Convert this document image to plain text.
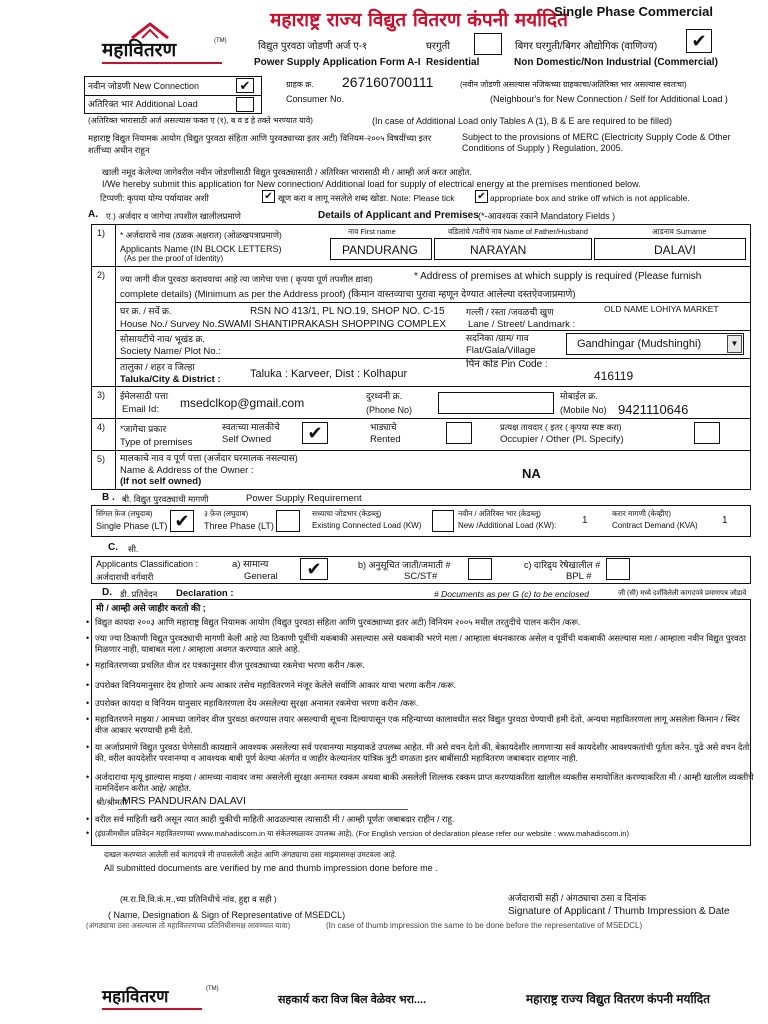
महाराष्ट्र राज्य विद्युत वितरण कंपनी मर्यादित
Single Phase Commercial
महावितरण	(TM)	विद्युत पुरवठा जोडणी अर्ज ए-१
Power Supply Application Form A-I
घरगुती
Residential
बिगर घरगुती/बिगर औद्योगिक (वाणिज्य)
Non Domestic/Non Industrial (Commercial)
✔
नवीन जोडणी New Connection	✔
अतिरिक्त भार Additional Load
ग्राहक क्र.
Consumer No.
267160700111	(नवीन जोडणी असल्यास नजिकच्या ग्राहकाचा/अतिरिक्त भार असल्यास स्वतःचा)
(Neighbour's for New Connection / Self for Additional Load )
(अतिरिक्त भारासाठी अर्ज असल्यास फक्त ए (१), ब व ड हे तक्ते भरण्यात यावे)	(In case of Additional Load only Tables A (1), B & E are required to be filled)
महाराष्ट्र विद्युत नियामक आयोग (विद्युत पुरवठा संहिता आणि पुरवठ्याच्या इतर अटी) विनियम-२००५ विषयींच्या इतर शर्तीच्या अधीन राहून
Subject to the provisions of MERC (Electricity Supply Code & Other Conditions of Supply ) Regulation, 2005.
खाली नमूद केलेल्या जागेवरील नवीन जोडणीसाठी विद्युत पुरवठ्यासाठी / अतिरिक्त भारासाठी मी / आम्ही अर्ज करत आहोत.
I/We hereby submit this application for New connection/ Additional load for supply of electrical energy at the premises mentioned below.
टिप्पणी: कृपया योग्य पर्यायावर अशी	✔ खूण करा व लागू नसलेले शब्द खोडा. Note: Please tick ✔ appropriate box and strike off which is not applicable.
A. ए.) अर्जदार व जागेचा तपशील खालीलप्रमाणे	Details of Applicant and Premises (*-आवश्यक रकाने Mandatory Fields )
1) * अर्जदाराचे नाव (ठळक अक्षरात) (ओळखपत्राप्रमाणे)
Applicants Name (IN BLOCK LETTERS)
(As per the proof of Identity)
नाव First name	वडिलांचे /पतीचे नाव Name of Father/Husband	आडनाव Surname
PANDURANG	NARAYAN	DALAVI
2) ज्या जागी वीज पुरवठा करावयाचा आहे त्या जागेचा पत्ता ( कृपया पूर्ण तपशील द्यावा)	* Address of premises at which supply is required (Please furnish
complete details) (Minimum as per the Address proof) (किमान वास्तव्याचा पुरावा म्हणून देण्यात आलेल्या दस्तऐवजाप्रमाणे)
घर क्र. / सर्वे क्र.
House No./ Survey No.:
RSN NO 413/1, PL NO.19, SHOP NO. C-15
SWAMI SHANTIPRAKASH SHOPPING COMPLEX
गल्ली / रस्ता /जवळची खुण
Lane / Street/ Landmark :
OLD NAME LOHIYA MARKET
सोसायटीचे नाव/ भूखंड क्र.
Society Name/ Plot No.:
सदनिका /ग्राम/ गाव
Flat/Gala/Village
Gandhingar (Mudshinghi)	▼
तालुका / शहर व जिल्हा
Taluka/City & District :	Taluka : Karveer, Dist : Kolhapur
पिन कोड Pin Code :
416119
3) ईमेलसाठी पत्ता
Email Id: msedclkop@gmail.com	दुरध्वनी क्र.
(Phone No)
मोबाईल क्र.
(Mobile No) 9421110646
4) *जागेचा प्रकार
Type of premises
स्वतःच्या मालकीचे
Self Owned	✔	भाड्याचे
Rented
प्रत्यक्ष तावदार ( इतर ( कृपया स्पष्ट करा)
Occupier / Other (Pl. Specify)
5) मालकाचे नाव व पूर्ण पत्ता (अर्जदार घरमालक नसल्यास)
Name & Address of the Owner :
(If not self owned)
NA
B . बी. विद्युत पुरवठ्याची मागणी	Power Supply Requirement
सिंगल फ़ेज (लघुदाब)
Single Phase (LT) ✔	३ फ़ेज (लघुदाब)
Three Phase (LT)
सध्याचा जोडभार (केडब्लू)
Existing Connected Load (KW)
नवीन / अतिरिक्त भार (केडब्लू)
New /Additional Load (KW):	1
करार मागणी (केव्हीए)
Contract Demand (KVA) 1
C. सी.
Applicants Classification :
अर्जदाराची वर्गवारी
a) सामान्य
General	✔	b) अनुसूचित जाती/जमाती #
SC/ST#
c) दारिद्र्य रेषेखालील #
BPL #
D. डी. प्रतिवेदन Declaration :	# Documents as per G (c) to be enclosed	जी (सी) मध्ये दर्शविलेली कागदपत्रे प्रमाणपत्र जोडावे
मी / आम्ही असे जाहीर करतो की ;
• विद्युत कायदा २००३ आणि महाराष्ट्र विद्युत नियामक आयोग (विद्युत पुरवठा संहिता आणि पुरवठ्याच्या इतर अटी) विनियम २००५ मधील तरतुदीचे पालन करीन /करू.
• ज्या ज्या ठिकाणी विद्युत पुरवठ्याची मागणी केली आहे त्या ठिकाणी पूर्वीची थकबाकी असल्यास असे थकबाकी भरणे मला / आम्हाला बंधनकारक असेल व पूर्वीची थकबाकी असल्यास मला / आम्हाला नवीन विद्युत पुरवठा मिळणार नाही, याबाबत मला / आम्हाला अवगत करण्यात आले आहे.
• महावितरणच्या प्रचलित वीज दर पत्रकानुसार वीज पुरवठ्याच्या रकमेचा भरणा करीन /करू.
• उपरोक्त विनियमानुसार देय होणारे अन्य आकार तसेच महावितरणने मंजूर केलेले सर्वाणि आकार याचा भरणा करीन /करू.
• उपरोक्त कायदा व विनियम यानुसार महावितरणला देय असलेल्या सुरक्षा अनामत रकमेचा भरणा करीन /करू.
• महावितरणने माझ्या / आमच्या जागेवर वीज पुरवठा करण्यास तयार असल्याची सूचना दिल्यापासून एक महिन्याच्या कालावधीत सदर विद्युत पुरवठा घेण्याची हमी देतो, अन्यथा महावितरणला लागू असलेला किमान / स्थिर वीज आकार भरण्याची हमी देतो.
• या अर्जाप्रमाणे विद्युत पुरवठा घेणेसाठी कायद्याने आवश्यक असलेल्या सर्व परवानग्या माझ्याकडे उपलब्ध आहेत. मी असे वचन देतो की, बेकायदेशीर लागणाऱ्या सर्व कायदेशीर आवश्यकतांची पूर्तता करेन. पुढे असे वचन देतो की, वरील कायदेशीर परवानग्या व आवश्यक बाबी पूर्ण केल्या अंतर्गत व जाहीर केल्यानंतर यांत्रिक त्रुटी वगळता इतर बाबींसाठी महावितरण जबाबदार राहणार नाही.
• अर्जदाराचा मृत्यू झाल्यास माझ्या / आमच्या नावावर जमा असलेली सुरक्षा अनामत रक्कम अथवा बाकी असलेली शिल्लक रक्कम प्राप्त करण्याकरिता खालील व्यक्तीस समायोजित करण्याकरिता मी / आम्ही खालील व्यक्तीचे नामनिर्देशन करीत आहे/ आहोत.
श्री/श्रीमती
MRS PANDURAN DALAVI
• वरील सर्व माहिती खरी असून त्यात काही चुकीची माहिती आढळल्यास त्यासाठी मी / आम्ही पूर्णतः जबाबदार राहीन / राहू.
• (इंग्रजीमधील प्रतिवेदन महावितरणच्या www.mahadiscom.in या संकेतस्थळावर उपलब्ध आहे). (For English version of declaration please refer our website : www.mahadiscom.in)
दाखल करण्यात आलेली सर्व कागदपत्रे मी तपासलेली आहेत आणि अंगठ्याचा ठसा माझ्यासमक्ष उमटवला आहे.
All submitted documents are verified by me and thumb impression done before me .
(म.रा.वि.वि.कं.म.,च्या प्रतिनिधीचे नांव, हुद्दा व सही )
( Name, Designation & Sign of Representative of MSEDCL)
अर्जदाराची सही / अंगठ्याचा ठसा व दिनांक
Signature of Applicant / Thumb Impression & Date
(अंगठ्याचा ठसा असल्यास तो महावितरणच्या प्रतिनिधीसमक्ष लावण्यात यावा)	(In case of thumb impression the same to be done before the representative of MSEDCL)
महावितरण	(TM)
सहकार्य करा विज बिल वेळेवर भरा....	महाराष्ट्र राज्य विद्युत वितरण कंपनी मर्यादित
